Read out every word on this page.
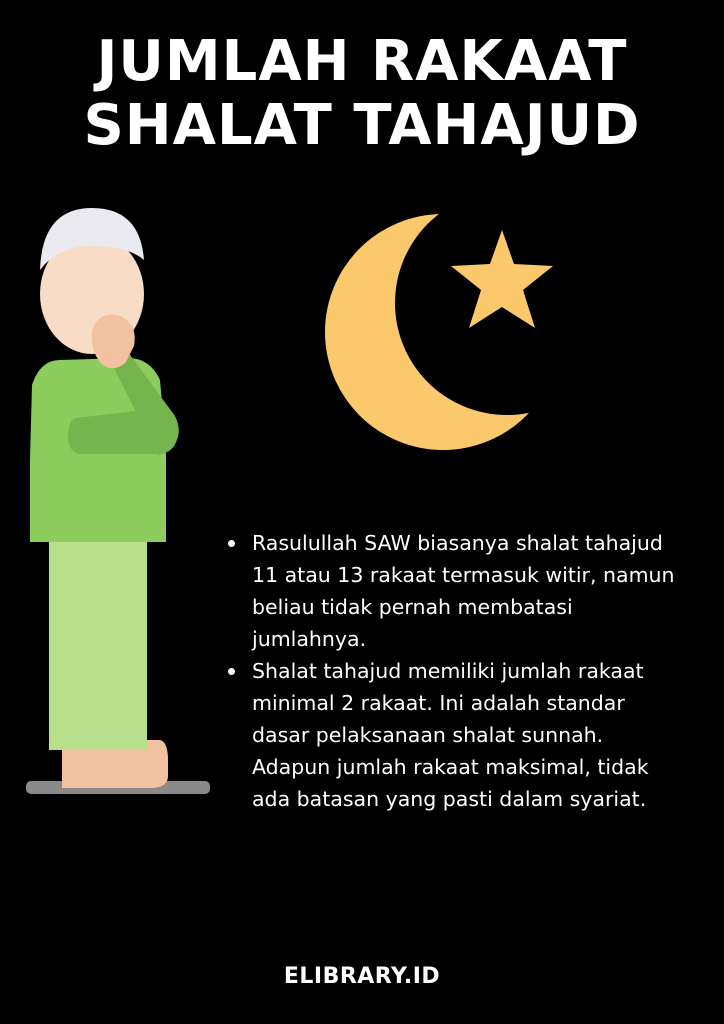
JUMLAH RAKAAT
SHALAT TAHAJUD
Rasulullah SAW biasanya shalat tahajud 11 atau 13 rakaat termasuk witir, namun beliau tidak pernah membatasi jumlahnya.
Shalat tahajud memiliki jumlah rakaat minimal 2 rakaat. Ini adalah standar dasar pelaksanaan shalat sunnah. Adapun jumlah rakaat maksimal, tidak ada batasan yang pasti dalam syariat.
ELIBRARY.ID
